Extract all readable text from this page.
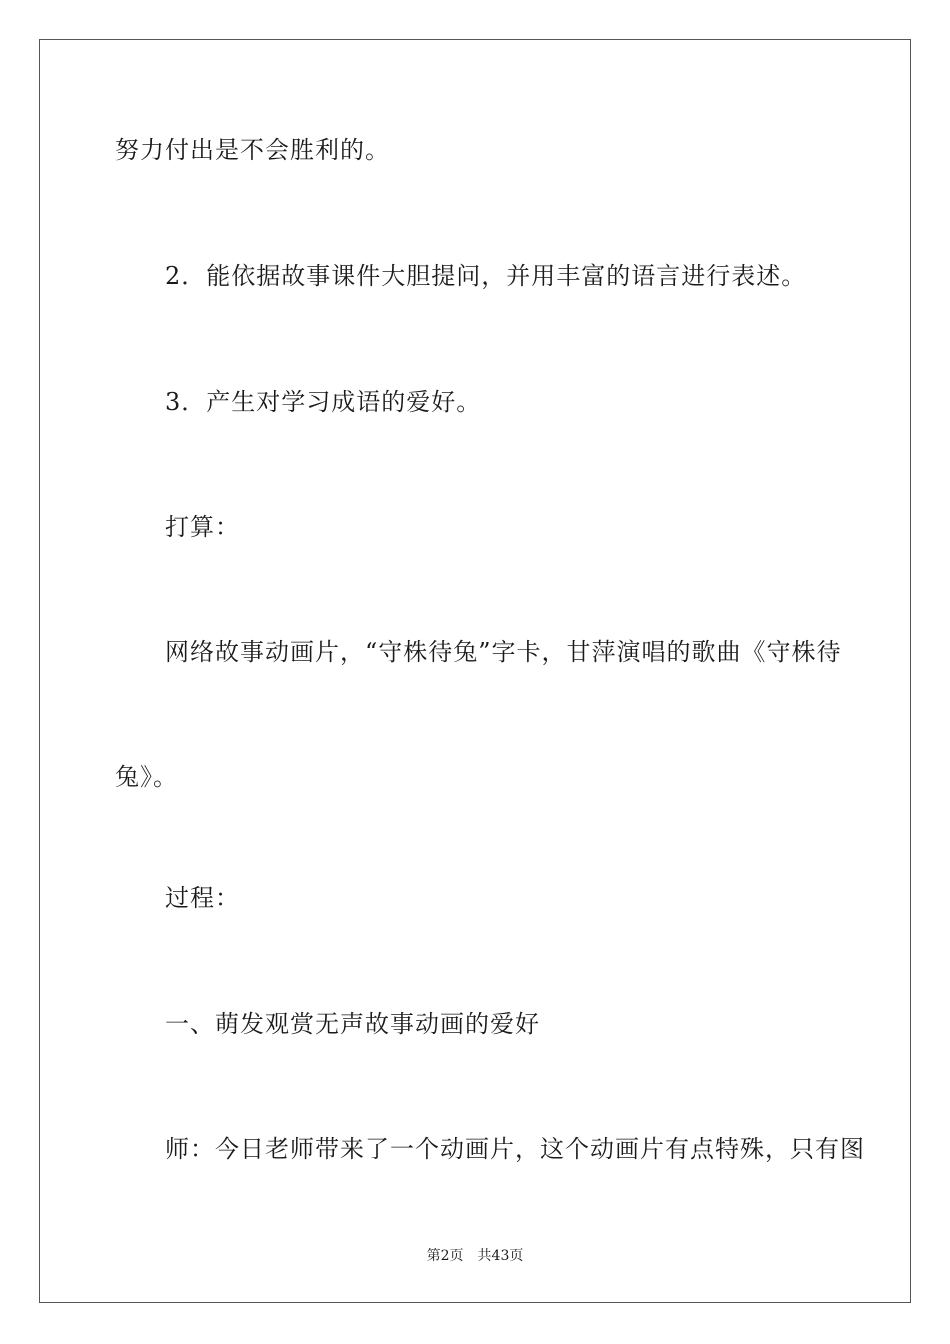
努力付出是不会胜利的。
2．能依据故事课件大胆提问，并用丰富的语言进行表述。
3．产生对学习成语的爱好。
打算：
网络故事动画片，“守株待兔”字卡，甘萍演唱的歌曲《守株待
兔》。
过程：
一、萌发观赏无声故事动画的爱好
师：今日老师带来了一个动画片，这个动画片有点特殊，只有图
第2页 共43页
